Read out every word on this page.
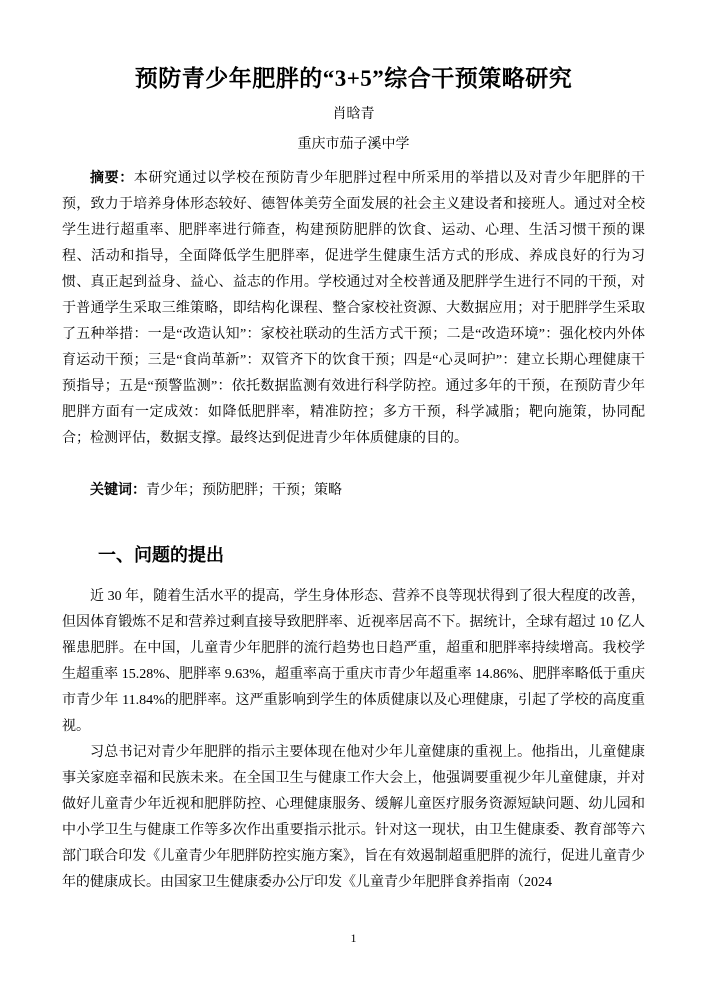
预防青少年肥胖的“3+5”综合干预策略研究
肖晗青
重庆市茄子溪中学

摘要：本研究通过以学校在预防青少年肥胖过程中所采用的举措以及对青少年肥胖的干预，致力于培养身体形态较好、德智体美劳全面发展的社会主义建设者和接班人。通过对全校学生进行超重率、肥胖率进行筛查，构建预防肥胖的饮食、运动、心理、生活习惯干预的课程、活动和指导，全面降低学生肥胖率，促进学生健康生活方式的形成、养成良好的行为习惯、真正起到益身、益心、益志的作用。学校通过对全校普通及肥胖学生进行不同的干预，对于普通学生采取三维策略，即结构化课程、整合家校社资源、大数据应用；对于肥胖学生采取了五种举措：一是“改造认知”：家校社联动的生活方式干预；二是“改造环境”：强化校内外体育运动干预；三是“食尚革新”：双管齐下的饮食干预；四是“心灵呵护”：建立长期心理健康干预指导；五是“预警监测”：依托数据监测有效进行科学防控。通过多年的干预，在预防青少年肥胖方面有一定成效：如降低肥胖率，精准防控；多方干预，科学减脂；靶向施策，协同配合；检测评估，数据支撑。最终达到促进青少年体质健康的目的。

关键词：青少年；预防肥胖；干预；策略

一、问题的提出

近 30 年，随着生活水平的提高，学生身体形态、营养不良等现状得到了很大程度的改善，但因体育锻炼不足和营养过剩直接导致肥胖率、近视率居高不下。据统计，全球有超过 10 亿人罹患肥胖。在中国，儿童青少年肥胖的流行趋势也日趋严重，超重和肥胖率持续增高。我校学生超重率 15.28%、肥胖率 9.63%，超重率高于重庆市青少年超重率 14.86%、肥胖率略低于重庆市青少年 11.84%的肥胖率。这严重影响到学生的体质健康以及心理健康，引起了学校的高度重视。

习总书记对青少年肥胖的指示主要体现在他对少年儿童健康的重视上。他指出，儿童健康事关家庭幸福和民族未来。在全国卫生与健康工作大会上，他强调要重视少年儿童健康，并对做好儿童青少年近视和肥胖防控、心理健康服务、缓解儿童医疗服务资源短缺问题、幼儿园和中小学卫生与健康工作等多次作出重要指示批示。针对这一现状，由卫生健康委、教育部等六部门联合印发《儿童青少年肥胖防控实施方案》，旨在有效遏制超重肥胖的流行，促进儿童青少年的健康成长。由国家卫生健康委办公厅印发《儿童青少年肥胖食养指南（2024

1
